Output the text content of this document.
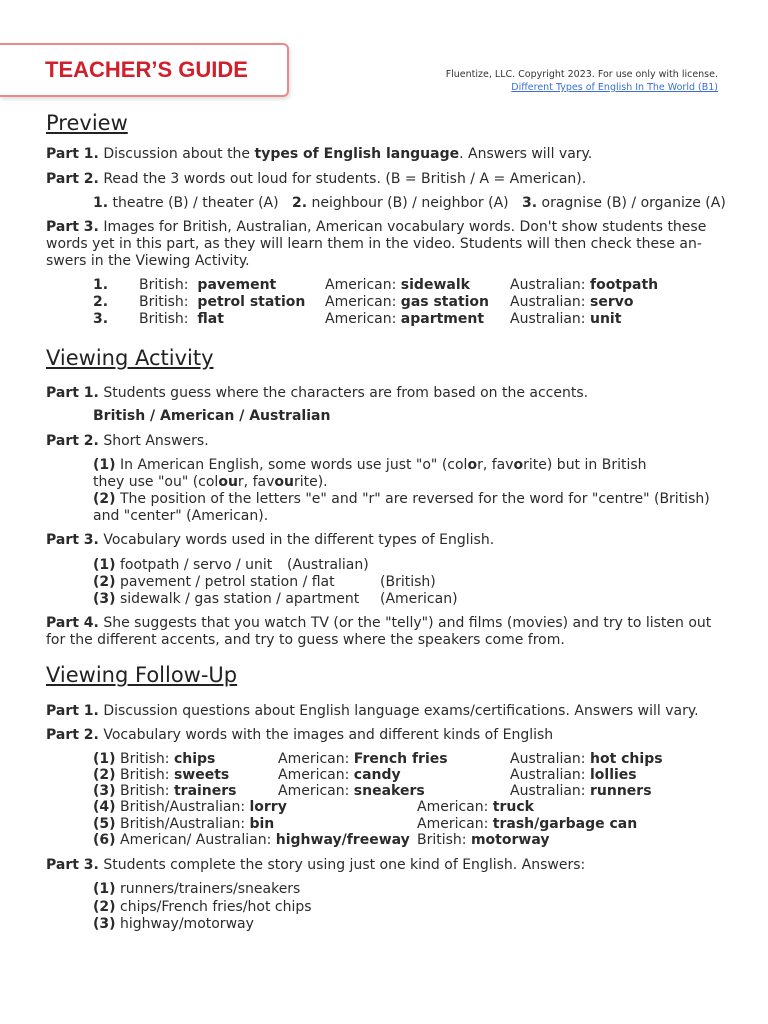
TEACHER’S GUIDE	Fluentize, LLC. Copyright 2023. For use only with license.
Different Types of English In The World (B1)
Preview
Part 1. Discussion about the types of English language. Answers will vary.
Part 2. Read the 3 words out loud for students. (B = British / A = American).
1. theatre (B) / theater (A) 2. neighbour (B) / neighbor (A) 3. oragnise (B) / organize (A)
Part 3. Images for British, Australian, American vocabulary words. Don't show students these
words yet in this part, as they will learn them in the video. Students will then check these an-
swers in the Viewing Activity.
1. British: pavement	American: sidewalk	Australian: footpath
2. British: petrol station American: gas station Australian: servo
3. British: flat	American: apartment Australian: unit
Viewing Activity
Part 1. Students guess where the characters are from based on the accents.
British / American / Australian
Part 2. Short Answers.
(1) In American English, some words use just "o" (color, favorite) but in British
they use "ou" (colour, favourite).
(2) The position of the letters "e" and "r" are reversed for the word for "centre" (British)
and "center" (American).
Part 3. Vocabulary words used in the different types of English.
(1) footpath / servo / unit (Australian)
(2) pavement / petrol station / flat	(British)
(3) sidewalk / gas station / apartment (American)
Part 4. She suggests that you watch TV (or the "telly") and films (movies) and try to listen out
for the different accents, and try to guess where the speakers come from.
Viewing Follow-Up
Part 1. Discussion questions about English language exams/certifications. Answers will vary.
Part 2. Vocabulary words with the images and different kinds of English
(1) British: chips	American: French fries	Australian: hot chips
(2) British: sweets	American: candy	Australian: lollies
(3) British: trainers	American: sneakers	Australian: runners
(4) British/Australian: lorry	American: truck
(5) British/Australian: bin	American: trash/garbage can
(6) American/ Australian: highway/freeway British: motorway
Part 3. Students complete the story using just one kind of English. Answers:
(1) runners/trainers/sneakers
(2) chips/French fries/hot chips
(3) highway/motorway
